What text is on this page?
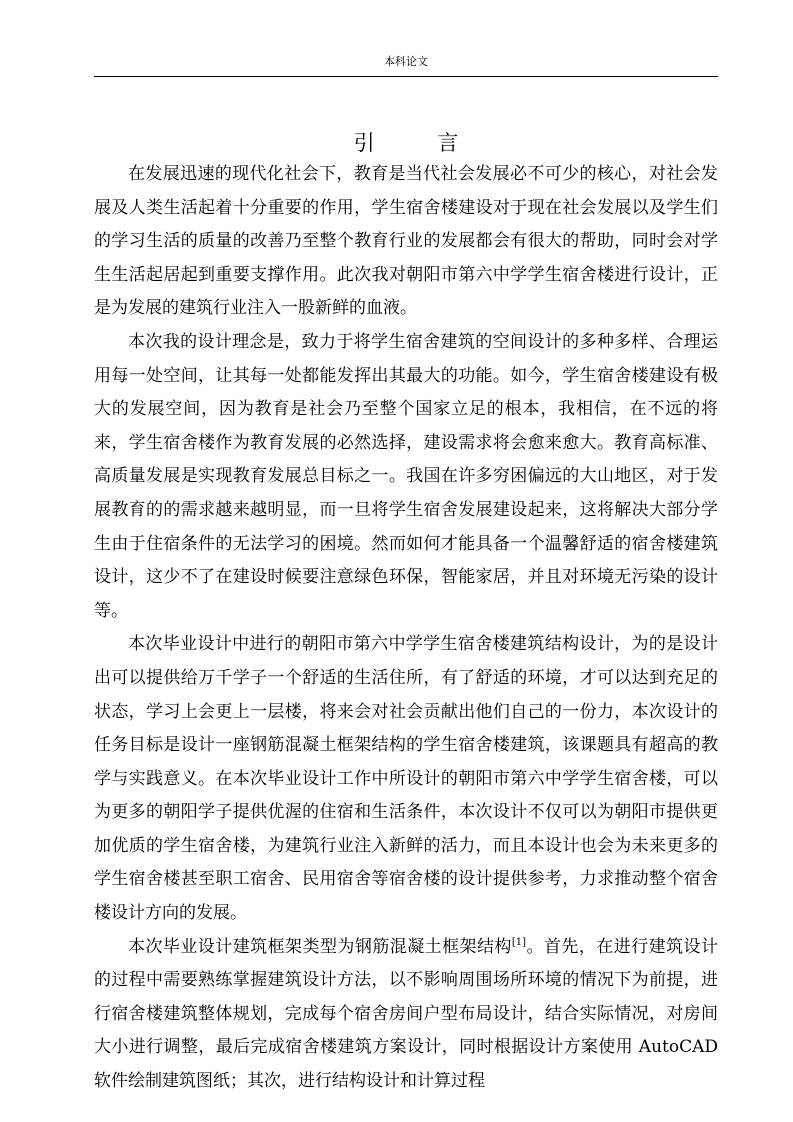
本科论文
引 言

在发展迅速的现代化社会下，教育是当代社会发展必不可少的核心，对社会发展及人类生活起着十分重要的作用，学生宿舍楼建设对于现在社会发展以及学生们的学习生活的质量的改善乃至整个教育行业的发展都会有很大的帮助，同时会对学生生活起居起到重要支撑作用。此次我对朝阳市第六中学学生宿舍楼进行设计，正是为发展的建筑行业注入一股新鲜的血液。

本次我的设计理念是，致力于将学生宿舍建筑的空间设计的多种多样、合理运用每一处空间，让其每一处都能发挥出其最大的功能。如今，学生宿舍楼建设有极大的发展空间，因为教育是社会乃至整个国家立足的根本，我相信，在不远的将来，学生宿舍楼作为教育发展的必然选择，建设需求将会愈来愈大。教育高标准、高质量发展是实现教育发展总目标之一。我国在许多穷困偏远的大山地区，对于发展教育的的需求越来越明显，而一旦将学生宿舍发展建设起来，这将解决大部分学生由于住宿条件的无法学习的困境。然而如何才能具备一个温馨舒适的宿舍楼建筑设计，这少不了在建设时候要注意绿色环保，智能家居，并且对环境无污染的设计等。

本次毕业设计中进行的朝阳市第六中学学生宿舍楼建筑结构设计，为的是设计出可以提供给万千学子一个舒适的生活住所，有了舒适的环境，才可以达到充足的状态，学习上会更上一层楼，将来会对社会贡献出他们自己的一份力，本次设计的任务目标是设计一座钢筋混凝土框架结构的学生宿舍楼建筑，该课题具有超高的教学与实践意义。在本次毕业设计工作中所设计的朝阳市第六中学学生宿舍楼，可以为更多的朝阳学子提供优渥的住宿和生活条件，本次设计不仅可以为朝阳市提供更加优质的学生宿舍楼，为建筑行业注入新鲜的活力，而且本设计也会为未来更多的学生宿舍楼甚至职工宿舍、民用宿舍等宿舍楼的设计提供参考，力求推动整个宿舍楼设计方向的发展。

本次毕业设计建筑框架类型为钢筋混凝土框架结构[1]。首先，在进行建筑设计的过程中需要熟练掌握建筑设计方法，以不影响周围场所环境的情况下为前提，进行宿舍楼建筑整体规划，完成每个宿舍房间户型布局设计，结合实际情况，对房间大小进行调整，最后完成宿舍楼建筑方案设计，同时根据设计方案使用 AutoCAD 软件绘制建筑图纸；其次，进行结构设计和计算过程
